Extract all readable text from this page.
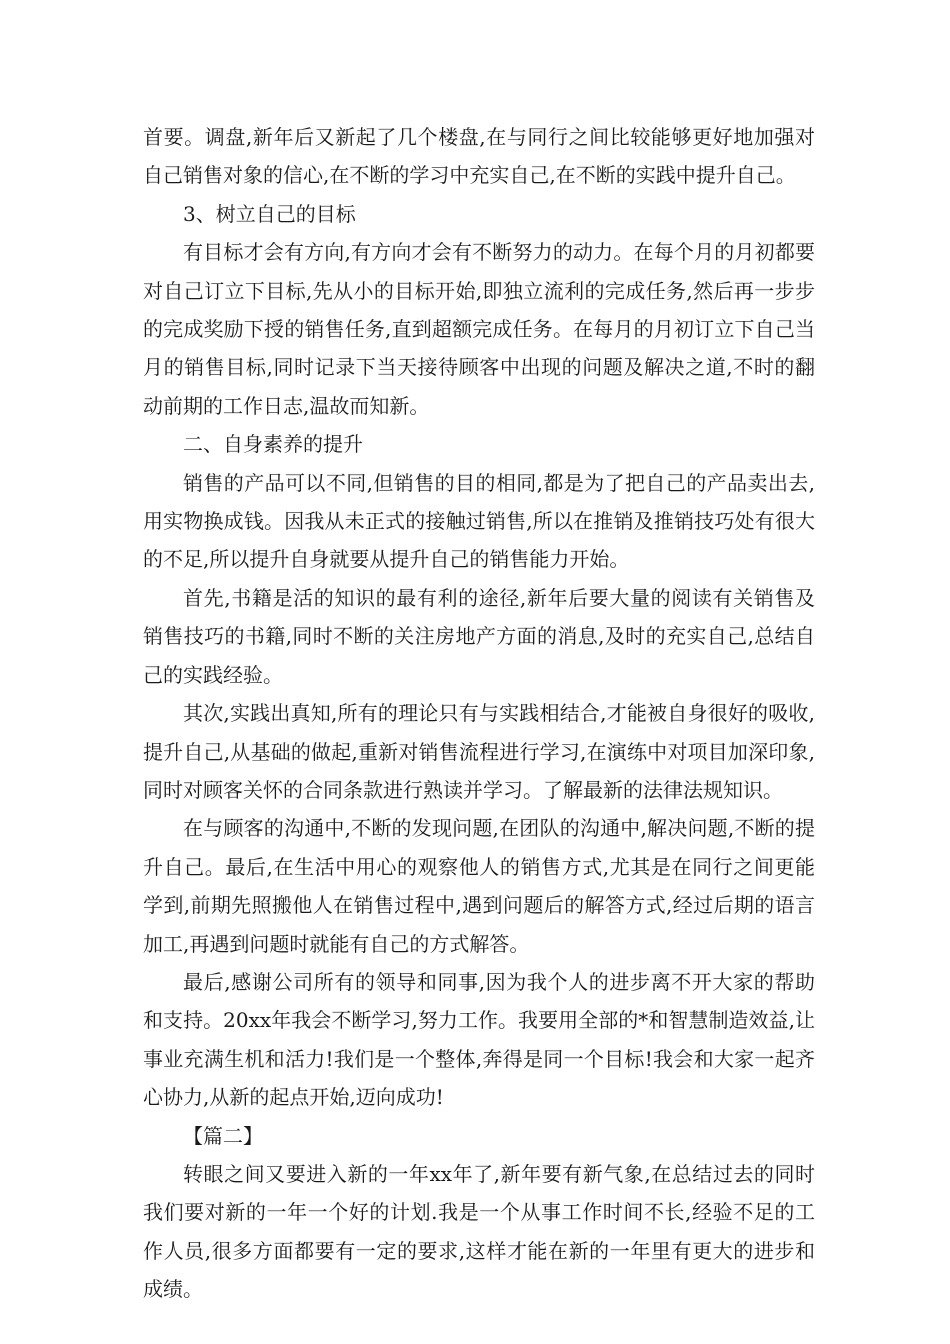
首要。调盘,新年后又新起了几个楼盘,在与同行之间比较能够更好地加强对自己销售对象的信心,在不断的学习中充实自己,在不断的实践中提升自己。

3、树立自己的目标

有目标才会有方向,有方向才会有不断努力的动力。在每个月的月初都要对自己订立下目标,先从小的目标开始,即独立流利的完成任务,然后再一步步的完成奖励下授的销售任务,直到超额完成任务。在每月的月初订立下自己当月的销售目标,同时记录下当天接待顾客中出现的问题及解决之道,不时的翻动前期的工作日志,温故而知新。

二、自身素养的提升

销售的产品可以不同,但销售的目的相同,都是为了把自己的产品卖出去,用实物换成钱。因我从未正式的接触过销售,所以在推销及推销技巧处有很大的不足,所以提升自身就要从提升自己的销售能力开始。

首先,书籍是活的知识的最有利的途径,新年后要大量的阅读有关销售及销售技巧的书籍,同时不断的关注房地产方面的消息,及时的充实自己,总结自己的实践经验。

其次,实践出真知,所有的理论只有与实践相结合,才能被自身很好的吸收,提升自己,从基础的做起,重新对销售流程进行学习,在演练中对项目加深印象,同时对顾客关怀的合同条款进行熟读并学习。了解最新的法律法规知识。

在与顾客的沟通中,不断的发现问题,在团队的沟通中,解决问题,不断的提升自己。最后,在生活中用心的观察他人的销售方式,尤其是在同行之间更能学到,前期先照搬他人在销售过程中,遇到问题后的解答方式,经过后期的语言加工,再遇到问题时就能有自己的方式解答。

最后,感谢公司所有的领导和同事,因为我个人的进步离不开大家的帮助和支持。20xx年我会不断学习,努力工作。我要用全部的*和智慧制造效益,让事业充满生机和活力!我们是一个整体,奔得是同一个目标!我会和大家一起齐心协力,从新的起点开始,迈向成功!

【篇二】

转眼之间又要进入新的一年xx年了,新年要有新气象,在总结过去的同时我们要对新的一年一个好的计划.我是一个从事工作时间不长,经验不足的工作人员,很多方面都要有一定的要求,这样才能在新的一年里有更大的进步和成绩。
